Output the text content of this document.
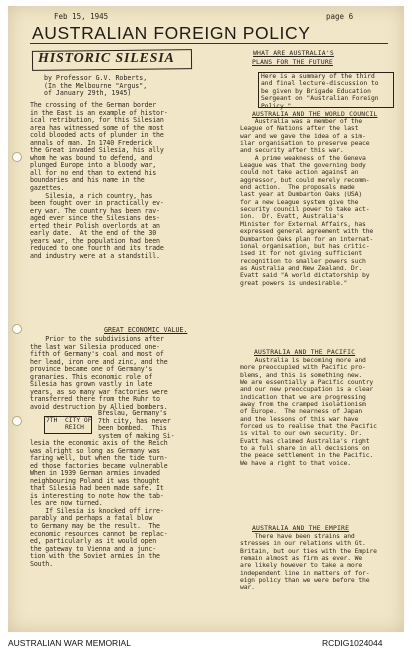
Feb 15, 1945	page 6
AUSTRALIAN FOREIGN POLICY
HISTORIC SILESIA
by Professor G.V. Roberts,
(In the Melbourne "Argus",
of January 29th, 1945)
The crossing of the German border
in the East is an example of histor-
ical retribution, for this Silesian
area has witnessed some of the most
cold blooded acts of plunder in the
annals of man. In 1740 Frederick
the Great invaded Silesia, his ally
whom he was bound to defend, and
plunged Europe into a bloody war,
all for no end than to extend his
boundaries and his name in the
gazettes.
Silesia, a rich country, has
been fought over in practically ev-
ery war. The country has been rav-
aged ever since the Silesians des-
erted their Polish overlords at an
early date.  At the end of the 30
years war, the population had been
reduced to one fourth and its trade
and industry were at a standstill.
GREAT ECONOMIC VALUE.
Prior to the subdivisions after
the last war Silesia produced one-
fifth of Germany's coal and most of
her lead, iron ore and zinc, and the
province became one of Germany's
granaries. This economic role of
Silesia has grown vastly in late
years, as so many war factories were
transferred there from the Ruhr to
avoid destruction by Allied bombers.
7TH  CITY OF
REICH
Breslau, Germany's
7th city, has never
been bombed.  This
system of making Si-
lesia the economic axis of the Reich
was alright so long as Germany was
faring well, but when the tide turn-
ed those factories became vulnerable
When in 1939 German armies invaded
neighbouring Poland it was thought
that Silesia had been made safe. It
is interesting to note how the tab-
les are now turned.
If Silesia is knocked off irre-
parably and perhaps a fatal blow
to Germany may be the result.  The
economic resources cannot be replac-
ed, particularly as it would open
the gateway to Vienna and a junc-
tion with the Soviet armies in the
South.
WHAT ARE AUSTRALIA'S
PLANS FOR THE FUTURE
Here is a summary of the third
and final lecture-discussion to
be given by Brigade Education
Sergeant on "Australian Foreign
Policy."
AUSTRALIA AND THE WORLD COUNCIL
Australia was a member of the
League of Nations after the last
war and we gave the idea of a sim-
ilar organisation to preserve peace
and security after this war.
A prime weakness of the Geneva
League was that the governing body
could not take action against an
aggressor, but could merely recomm-
end action.  The proposals made
last year at Dumbarton Oaks (USA)
for a new League system give the
security council power to take act-
ion.  Dr. Evatt, Australia's
Minister for External Affairs, has
expressed general agreement with the
Dumbarton Oaks plan for an internat-
ional organisation, but has critic-
ised it for not giving sufficient
recognition to smaller powers such
as Australia and New Zealand. Dr.
Evatt said "A world dictatorship by
great powers is undesirable."
AUSTRALIA AND THE PACIFIC
Australia is becoming more and
more preoccupied with Pacific pro-
blems, and this is something new.
We are essentially a Pacific country
and our new preoccupation is a clear
indication that we are progressing
away from the cramped isolationism
of Europe.  The nearness of Japan
and the lessons of this war have
forced us to realise that the Pacific
is vital to our own security. Dr.
Evatt has claimed Australia's right
to a full share in all decisions on
the peace settlement in the Pacific.
We have a right to that voice.
AUSTRALIA AND THE EMPIRE
There have been strains and
stresses in our relations with Gt.
Britain, but our ties with the Empire
remain almost as firm as ever. We
are likely however to take a more
independent line in matters of for-
eign policy than we were before the
war.
AUSTRALIAN WAR MEMORIAL	RCDIG1024044
